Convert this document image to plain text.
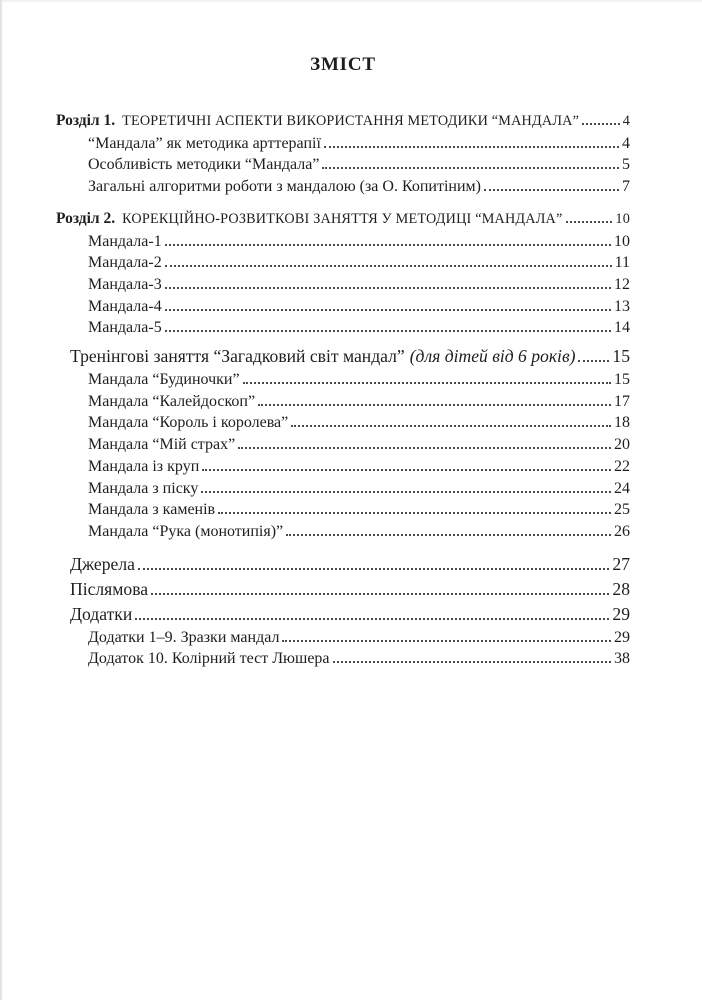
ЗМІСТ
Розділ 1. ТЕОРЕТИЧНІ АСПЕКТИ ВИКОРИСТАННЯ МЕТОДИКИ “МАНДАЛА”	4
“Мандала” як методика арттерапії	4
Особливість методики “Мандала”	5
Загальні алгоритми роботи з мандалою (за О. Копитіним)	7
Розділ 2. КОРЕКЦІЙНО-РОЗВИТКОВІ ЗАНЯТТЯ У МЕТОДИЦІ “МАНДАЛА”	10
Мандала-1	10
Мандала-2	11
Мандала-3	12
Мандала-4	13
Мандала-5	14
Тренінгові заняття “Загадковий світ мандал” (для дітей від 6 років) 15
Мандала “Будиночки”	15
Мандала “Калейдоскоп”	17
Мандала “Король і королева”	18
Мандала “Мій страх”	20
Мандала із круп	22
Мандала з піску	24
Мандала з каменів	25
Мандала “Рука (монотипія)”	26
Джерела	27
Післямова	28
Додатки	29
Додатки 1–9. Зразки мандал	29
Додаток 10. Колірний тест Люшера	38
